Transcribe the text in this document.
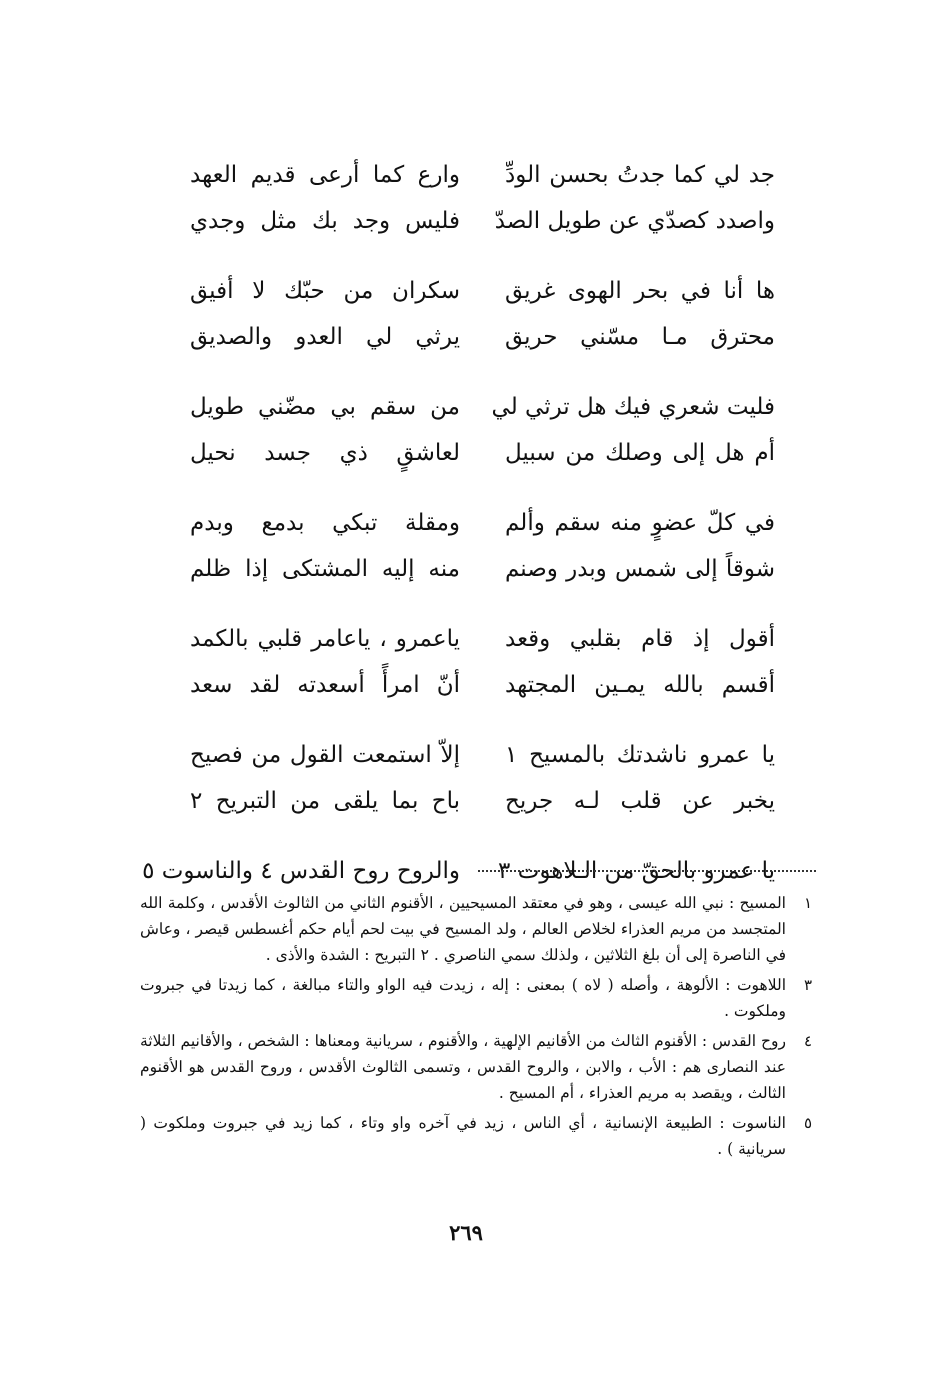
جد لي كما جدتُ بحسن الودِّ
وارع كما أرعى قديم العهد
واصدد كصدّي عن طويل الصدّ
فليس وجد بك مثل وجدي
ها أنا في بحر الهوى غريق
سكران من حبّك لا أفيق
محترق مـا مسّني حريق
يرثي لي العدو والصديق
فليت شعري فيك هل ترثي لي
من سقم بي مضّني طويل
أم هل إلى وصلك من سبيل
لعاشقٍ ذي جسد نحيل
في كلّ عضوٍ منه سقم وألم
ومقلة تبكي بدمع وبدم
شوقاً إلى شمس وبدر وصنم
منه إليه المشتكى إذا ظلم
أقول إذ قام بقلبي وقعد
ياعمرو ، ياعامر قلبي بالكمد
أقسم بالله يمـين المجتهد
أنّ امرأً أسعدته لقد سعد
يا عمرو ناشدتك بالمسيح ١
إلاّ استمعت القول من فصيح
يخبر عن قلب لـه جريح
باح بما يلقى من التبريح ٢
يا عمرو بالحقّ من الـلاهوت ٣
والروح روح القدس ٤ والناسوت ٥
١
المسيح : نبي الله عيسى ، وهو في معتقد المسيحيين ، الأقنوم الثاني من الثالوث الأقدس ، وكلمة الله المتجسد من مريم العذراء لخلاص العالم ، ولد المسيح في بيت لحم أيام حكم أغسطس قيصر ، وعاش في الناصرة إلى أن بلغ الثلاثين ، ولذلك سمي الناصري . ٢ التبريح : الشدة والأذى .
٣
اللاهوت : الألوهة ، وأصله ( لاه ) بمعنى : إله ، زيدت فيه الواو والتاء مبالغة ، كما زيدتا في جبروت وملكوت .
٤
روح القدس : الأقنوم الثالث من الأقانيم الإلهية ، والأقنوم ، سريانية ومعناها : الشخص ، والأقانيم الثلاثة عند النصارى هم : الأب ، والابن ، والروح القدس ، وتسمى الثالوث الأقدس ، وروح القدس هو الأقنوم الثالث ، ويقصد به مريم العذراء ، أم المسيح .
٥
الناسوت : الطبيعة الإنسانية ، أي الناس ، زيد في آخره واو وتاء ، كما زيد في جبروت وملكوت ( سريانية ) .
٢٦٩
